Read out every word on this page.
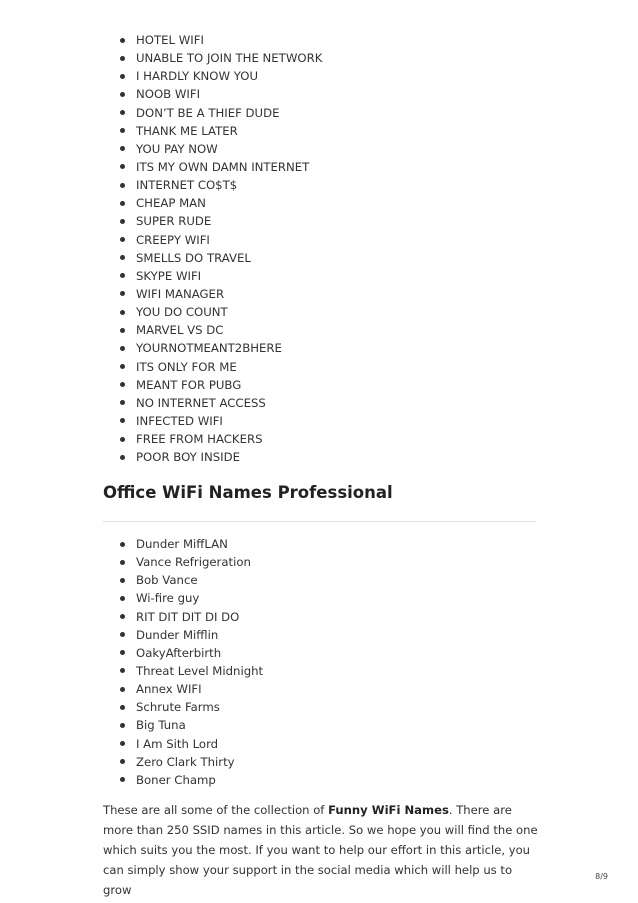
HOTEL WIFI
UNABLE TO JOIN THE NETWORK
I HARDLY KNOW YOU
NOOB WIFI
DON’T BE A THIEF DUDE
THANK ME LATER
YOU PAY NOW
ITS MY OWN DAMN INTERNET
INTERNET CO$T$
CHEAP MAN
SUPER RUDE
CREEPY WIFI
SMELLS DO TRAVEL
SKYPE WIFI
WIFI MANAGER
YOU DO COUNT
MARVEL VS DC
YOURNOTMEANT2BHERE
ITS ONLY FOR ME
MEANT FOR PUBG
NO INTERNET ACCESS
INFECTED WIFI
FREE FROM HACKERS
POOR BOY INSIDE
Office WiFi Names Professional
Dunder MiffLAN
Vance Refrigeration
Bob Vance
Wi-fire guy
RIT DIT DIT DI DO
Dunder Mifflin
OakyAfterbirth
Threat Level Midnight
Annex WIFI
Schrute Farms
Big Tuna
I Am Sith Lord
Zero Clark Thirty
Boner Champ

These are all some of the collection of Funny WiFi Names. There are more than 250 SSID names in this article. So we hope you will find the one which suits you the most. If you want to help our effort in this article, you can simply show your support in the social media which will help us to grow

8/9
